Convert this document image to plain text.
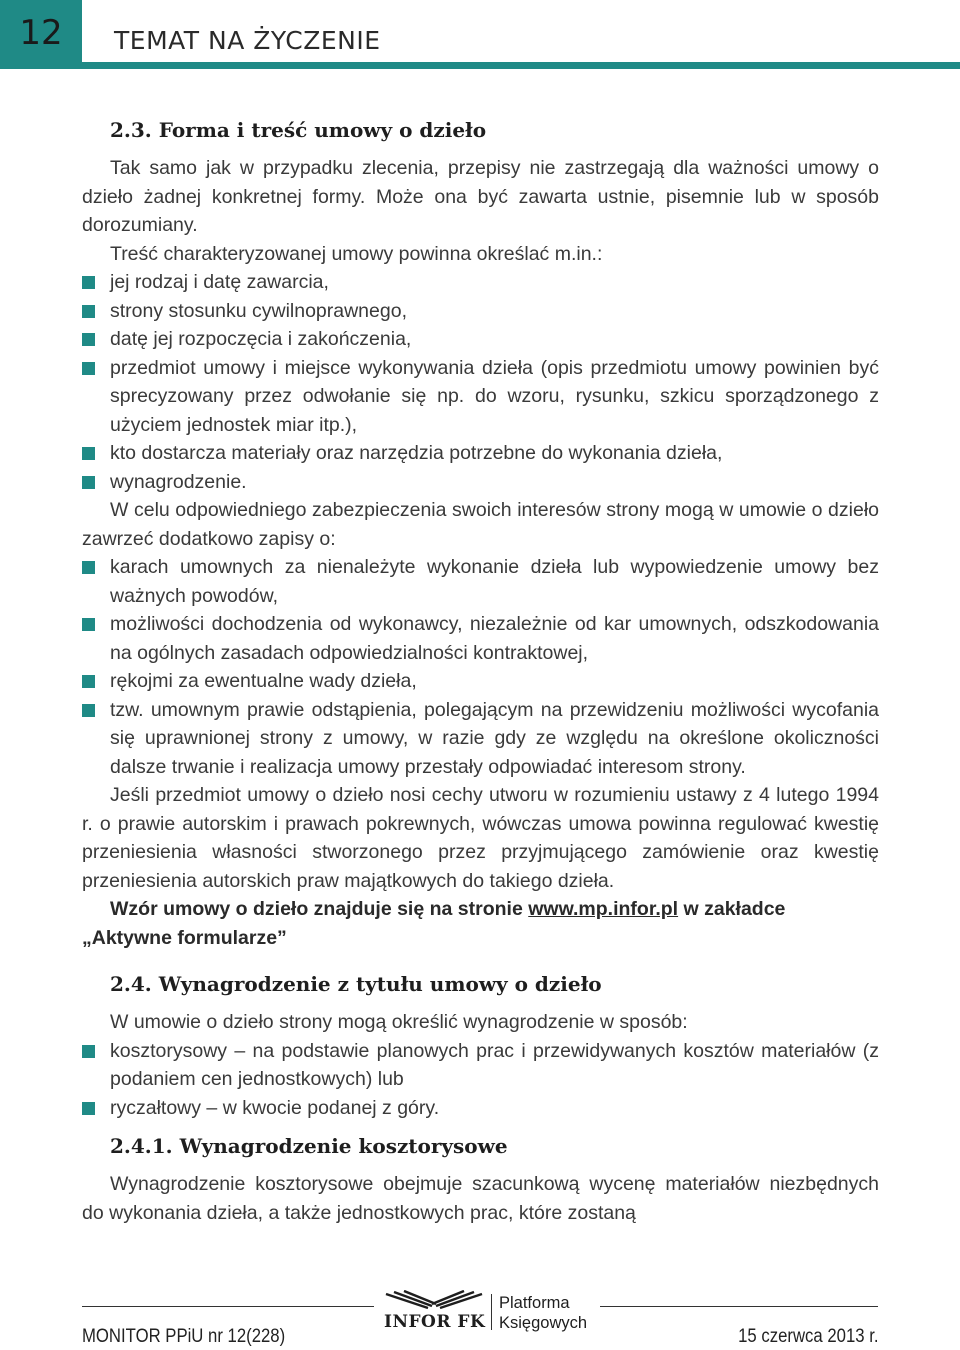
12	TEMAT NA ŻYCZENIE
2.3. Forma i treść umowy o dzieło

Tak samo jak w przypadku zlecenia, przepisy nie zastrzegają dla ważności umowy o dzieło żadnej konkretnej formy. Może ona być zawarta ustnie, pisemnie lub w sposób dorozumiany.

Treść charakteryzowanej umowy powinna określać m.in.:

jej rodzaj i datę zawarcia,
strony stosunku cywilnoprawnego,
datę jej rozpoczęcia i zakończenia,
przedmiot umowy i miejsce wykonywania dzieła (opis przedmiotu umowy powinien być sprecyzowany przez odwołanie się np. do wzoru, rysunku, szkicu sporządzonego z użyciem jednostek miar itp.),
kto dostarcza materiały oraz narzędzia potrzebne do wykonania dzieła,
wynagrodzenie.

W celu odpowiedniego zabezpieczenia swoich interesów strony mogą w umowie o dzieło zawrzeć dodatkowo zapisy o:

karach umownych za nienależyte wykonanie dzieła lub wypowiedzenie umowy bez ważnych powodów,
możliwości dochodzenia od wykonawcy, niezależnie od kar umownych, odszkodowania na ogólnych zasadach odpowiedzialności kontraktowej,
rękojmi za ewentualne wady dzieła,
tzw. umownym prawie odstąpienia, polegającym na przewidzeniu możliwości wycofania się uprawnionej strony z umowy, w razie gdy ze względu na określone okoliczności dalsze trwanie i realizacja umowy przestały odpowiadać interesom strony.

Jeśli przedmiot umowy o dzieło nosi cechy utworu w rozumieniu ustawy z 4 lutego 1994 r. o prawie autorskim i prawach pokrewnych, wówczas umowa powinna regulować kwestię przeniesienia własności stworzonego przez przyjmującego zamówienie oraz kwestię przeniesienia autorskich praw majątkowych do takiego dzieła.

Wzór umowy o dzieło znajduje się na stronie www.mp.infor.pl w zakładce
„Aktywne formularze”
2.4. Wynagrodzenie z tytułu umowy o dzieło

W umowie o dzieło strony mogą określić wynagrodzenie w sposób:

kosztorysowy – na podstawie planowych prac i przewidywanych kosztów materiałów (z podaniem cen jednostkowych) lub
ryczałtowy – w kwocie podanej z góry.
2.4.1. Wynagrodzenie kosztorysowe

Wynagrodzenie kosztorysowe obejmuje szacunkową wycenę materiałów niezbędnych do wykonania dzieła, a także jednostkowych prac, które zostaną

MONITOR PPiU nr 12(228)	15 czerwca 2013 r.
INFOR FK
Platforma
Księgowych
